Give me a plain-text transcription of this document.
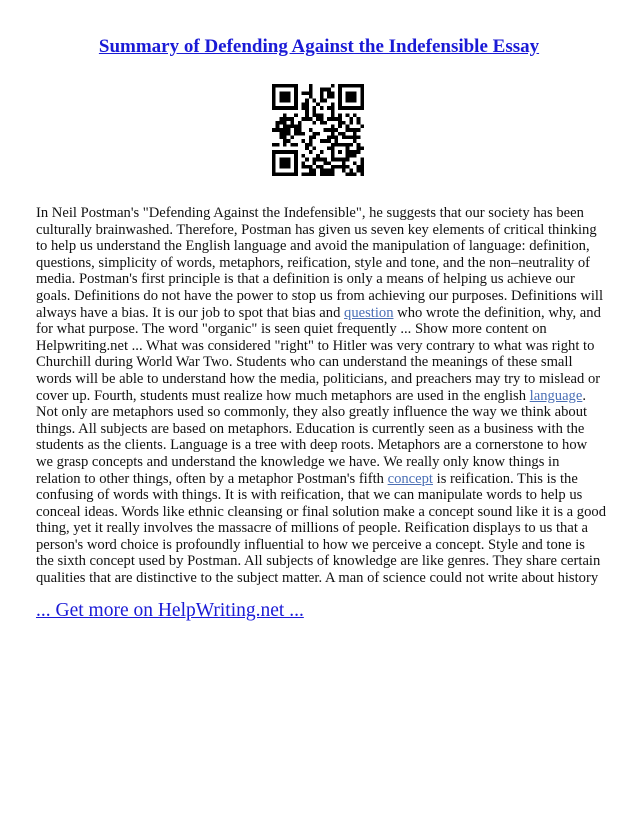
Summary of Defending Against the Indefensible Essay

In Neil Postman's "Defending Against the Indefensible", he suggests that our society has been culturally brainwashed. Therefore, Postman has given us seven key elements of critical thinking to help us understand the English language and avoid the manipulation of language: definition, questions, simplicity of words, metaphors, reification, style and tone, and the non–neutrality of media. Postman's first principle is that a definition is only a means of helping us achieve our goals. Definitions do not have the power to stop us from achieving our purposes. Definitions will always have a bias. It is our job to spot that bias and question who wrote the definition, why, and for what purpose. The word "organic" is seen quiet frequently ... Show more content on Helpwriting.net ... What was considered "right" to Hitler was very contrary to what was right to Churchill during World War Two. Students who can understand the meanings of these small words will be able to understand how the media, politicians, and preachers may try to mislead or cover up. Fourth, students must realize how much metaphors are used in the english language. Not only are metaphors used so commonly, they also greatly influence the way we think about things. All subjects are based on metaphors. Education is currently seen as a business with the students as the clients. Language is a tree with deep roots. Metaphors are a cornerstone to how we grasp concepts and understand the knowledge we have. We really only know things in relation to other things, often by a metaphor Postman's fifth concept is reification. This is the confusing of words with things. It is with reification, that we can manipulate words to help us conceal ideas. Words like ethnic cleansing or final solution make a concept sound like it is a good thing, yet it really involves the massacre of millions of people. Reification displays to us that a person's word choice is profoundly influential to how we perceive a concept. Style and tone is the sixth concept used by Postman. All subjects of knowledge are like genres. They share certain qualities that are distinctive to the subject matter. A man of science could not write about history

... Get more on HelpWriting.net ...
